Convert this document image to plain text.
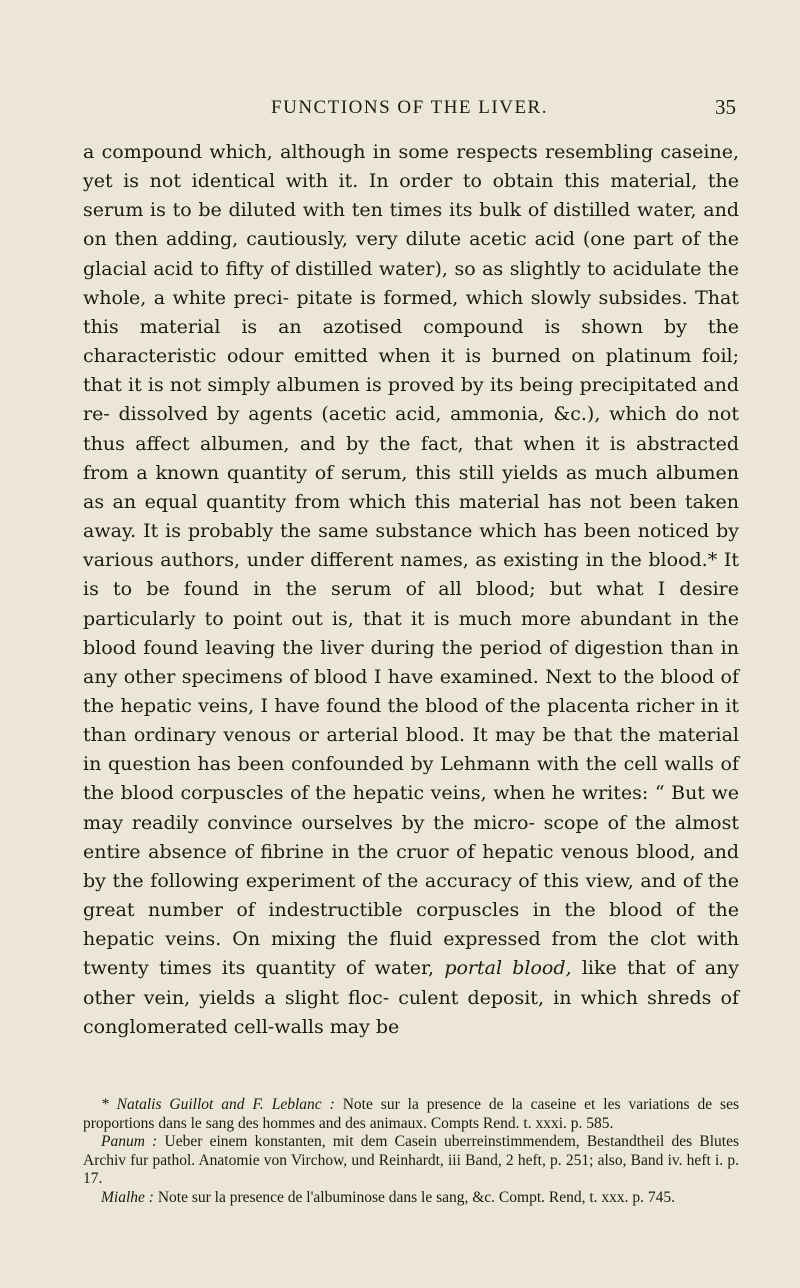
FUNCTIONS OF THE LIVER.	35

a compound which, although in some respects resembling caseine, yet is not identical with it. In order to obtain this material, the serum is to be diluted with ten times its bulk of distilled water, and on then adding, cautiously, very dilute acetic acid (one part of the glacial acid to fifty of distilled water), so as slightly to acidulate the whole, a white preci- pitate is formed, which slowly subsides. That this material is an azotised compound is shown by the characteristic odour emitted when it is burned on platinum foil; that it is not simply albumen is proved by its being precipitated and re- dissolved by agents (acetic acid, ammonia, &c.), which do not thus affect albumen, and by the fact, that when it is abstracted from a known quantity of serum, this still yields as much albumen as an equal quantity from which this material has not been taken away. It is probably the same substance which has been noticed by various authors, under different names, as existing in the blood.* It is to be found in the serum of all blood; but what I desire particularly to point out is, that it is much more abundant in the blood found leaving the liver during the period of digestion than in any other specimens of blood I have examined. Next to the blood of the hepatic veins, I have found the blood of the placenta richer in it than ordinary venous or arterial blood. It may be that the material in question has been confounded by Lehmann with the cell walls of the blood corpuscles of the hepatic veins, when he writes: “ But we may readily convince ourselves by the micro- scope of the almost entire absence of fibrine in the cruor of hepatic venous blood, and by the following experiment of the accuracy of this view, and of the great number of indestructible corpuscles in the blood of the hepatic veins. On mixing the fluid expressed from the clot with twenty times its quantity of water, portal blood, like that of any other vein, yields a slight floc- culent deposit, in which shreds of conglomerated cell-walls may be

* Natalis Guillot and F. Leblanc : Note sur la presence de la caseine et les variations de ses proportions dans le sang des hommes and des animaux. Compts Rend. t. xxxi. p. 585.

Panum : Ueber einem konstanten, mit dem Casein uberreinstimmendem, Bestandtheil des Blutes Archiv fur pathol. Anatomie von Virchow, und Reinhardt, iii Band, 2 heft, p. 251; also, Band iv. heft i. p. 17.

Mialhe : Note sur la presence de l'albuminose dans le sang, &c. Compt. Rend, t. xxx. p. 745.
